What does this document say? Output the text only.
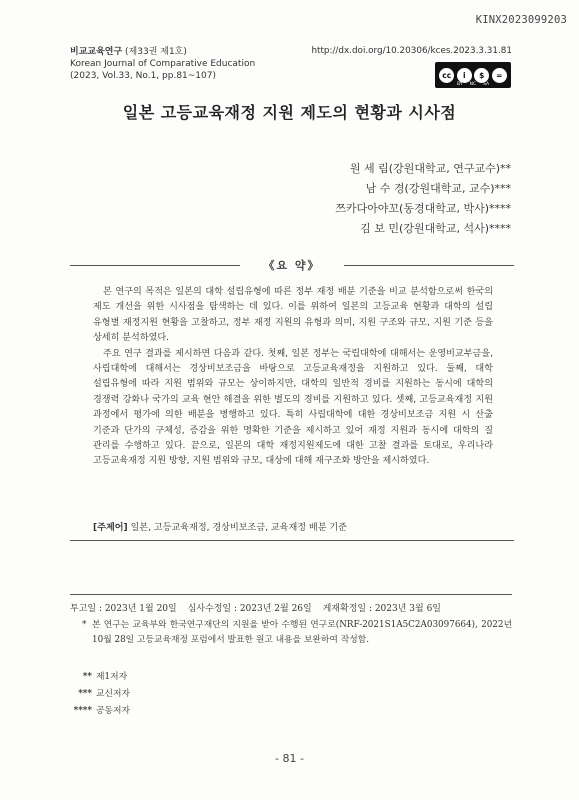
KINX2023099203
비교교육연구 (제33권 제1호)
Korean Journal of Comparative Education
(2023, Vol.33, No.1, pp.81~107)
http://dx.doi.org/10.20306/kces.2023.3.31.81
cc	i	$	=
BY NC SA
일본 고등교육재정 지원 제도의 현황과 시사점
원 세 림(강원대학교, 연구교수)**
남 수 경(강원대학교, 교수)***
쯔카다아야꼬(동경대학교, 박사)****
김 보 민(강원대학교, 석사)****
《요 약》

본 연구의 목적은 일본의 대학 설립유형에 따른 정부 재정 배분 기준을 비교 분석함으로써 한국의 제도 개선을 위한 시사점을 탐색하는 데 있다. 이를 위하여 일본의 고등교육 현황과 대학의 설립 유형별 재정지원 현황을 고찰하고, 정부 재정 지원의 유형과 의미, 지원 구조와 규모, 지원 기준 등을 상세히 분석하였다.

주요 연구 결과를 제시하면 다음과 같다. 첫째, 일본 정부는 국립대학에 대해서는 운영비교부금을, 사립대학에 대해서는 경상비보조금을 바탕으로 고등교육재정을 지원하고 있다. 둘째, 대학 설립유형에 따라 지원 범위와 규모는 상이하지만, 대학의 일반적 경비를 지원하는 동시에 대학의 경쟁력 강화나 국가의 교육 현안 해결을 위한 별도의 경비를 지원하고 있다. 셋째, 고등교육재정 지원 과정에서 평가에 의한 배분을 병행하고 있다. 특히 사립대학에 대한 경상비보조금 지원 시 산출 기준과 단가의 구체성, 증감을 위한 명확한 기준을 제시하고 있어 재정 지원과 동시에 대학의 질 관리를 수행하고 있다. 끝으로, 일본의 대학 재정지원제도에 대한 고찰 결과를 토대로, 우리나라 고등교육재정 지원 방향, 지원 범위와 규모, 대상에 대해 재구조화 방안을 제시하였다.

[주제어] 일본, 고등교육재정, 경상비보조금, 교육재정 배분 기준
투고일 : 2023년 1월 20일 심사수정일 : 2023년 2월 26일 게재확정일 : 2023년 3월 6일
* 본 연구는 교육부와 한국연구재단의 지원을 받아 수행된 연구로(NRF-2021S1A5C2A03097664), 2022년 10월 28일 고등교육재정 포럼에서 발표한 원고 내용을 보완하여 작성함.
** 제1저자
*** 교신저자
**** 공동저자
- 81 -
